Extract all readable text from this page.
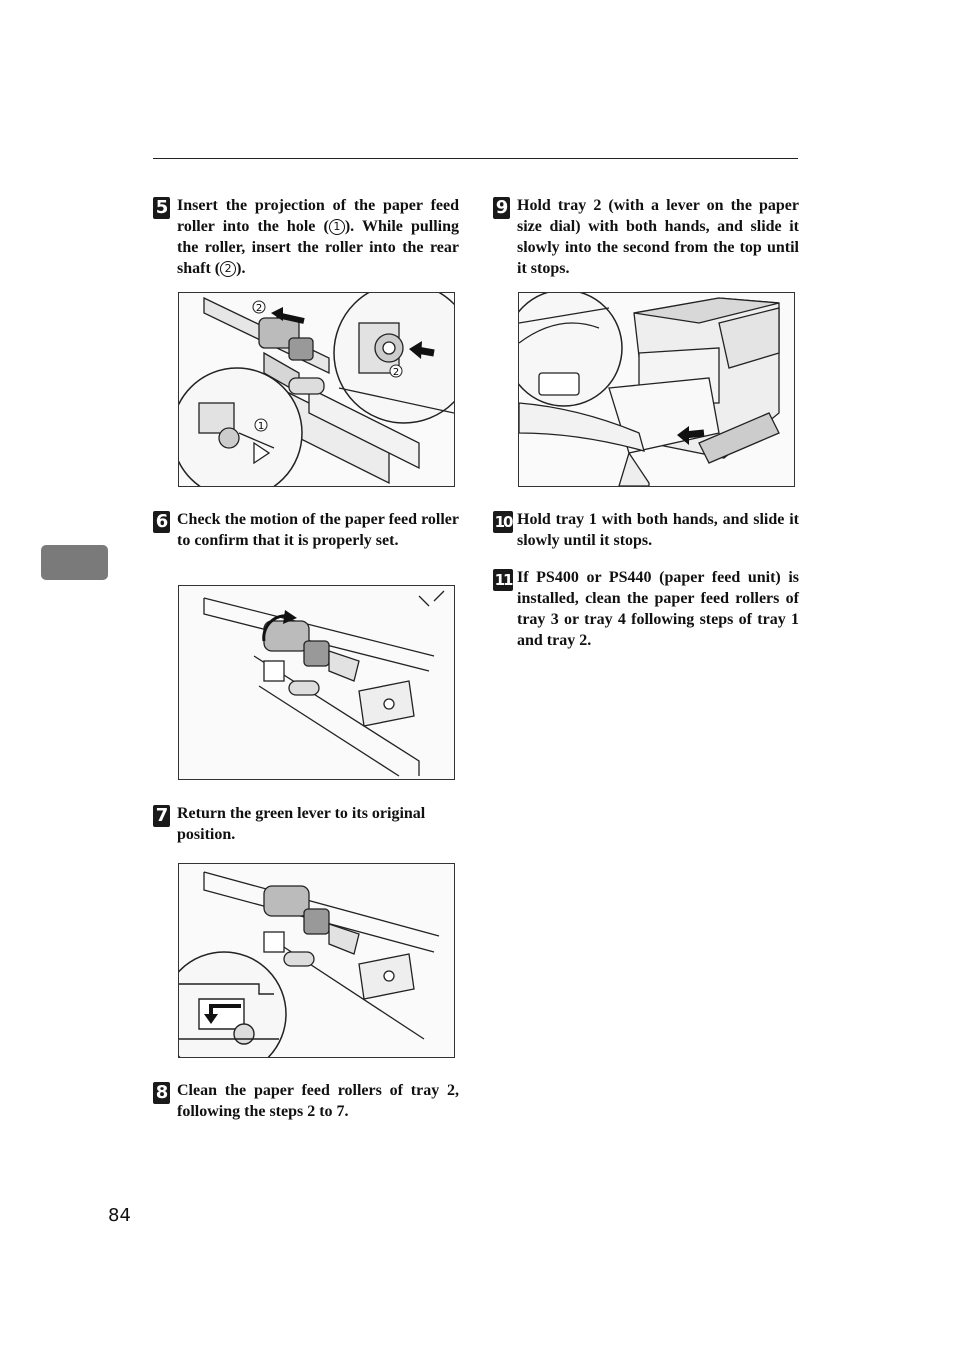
5 Insert the projection of the paper feed roller into the hole ( 1 ). While pulling the roller, insert the roller into the rear shaft ( 2 ).
2
2
1
6 Check the motion of the paper feed roller to confirm that it is properly set.
7 Return the green lever to its original position.
8 Clean the paper feed rollers of tray 2, following the steps 2 to 7.
9 Hold tray 2 (with a lever on the paper size dial) with both hands, and slide it slowly into the second from the top until it stops.
10 Hold tray 1 with both hands, and slide it slowly until it stops.
11 If PS400 or PS440 (paper feed unit) is installed, clean the paper feed rollers of tray 3 or tray 4 following steps of tray 1 and tray 2.
84
